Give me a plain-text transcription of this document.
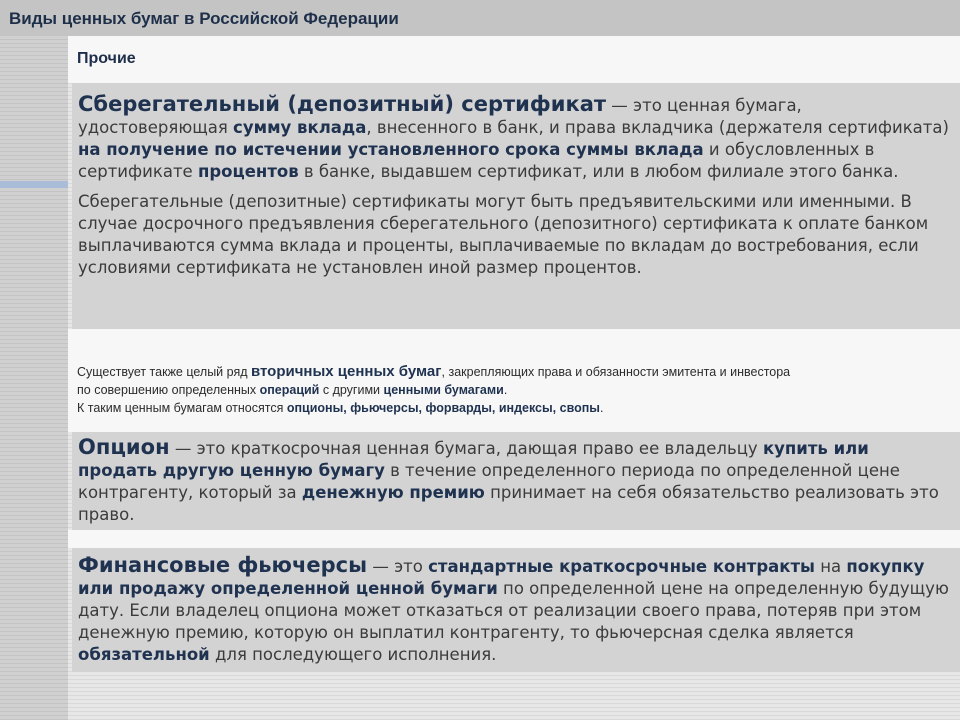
Виды ценных бумаг в Российской Федерации
Прочие

Сберегательный (депозитный) сертификат — это ценная бумага, удостоверяющая сумму вклада, внесенного в банк, и права вкладчика (держателя сертификата) на получение по истечении установленного срока суммы вклада и обусловленных в сертификате процентов в банке, выдавшем сертификат, или в любом филиале этого банка.

Сберегательные (депозитные) сертификаты могут быть предъявительскими или именными. В случае досрочного предъявления сберегательного (депозитного) сертификата к оплате банком выплачиваются сумма вклада и проценты, выплачиваемые по вкладам до востребования, если условиями сертификата не установлен иной размер процентов.

Существует также целый ряд вторичных ценных бумаг, закрепляющих права и обязанности эмитента и инвестора
по совершению определенных операций с другими ценными бумагами.
К таким ценным бумагам относятся опционы, фьючерсы, форварды, индексы, свопы.

Опцион — это краткосрочная ценная бумага, дающая право ее владельцу купить или продать другую ценную бумагу в течение определенного периода по определенной цене контрагенту, который за денежную премию принимает на себя обязательство реализовать это право.

Финансовые фьючерсы — это стандартные краткосрочные контракты на покупку или продажу определенной ценной бумаги по определенной цене на определенную будущую дату. Если владелец опциона может отказаться от реализации своего права, потеряв при этом денежную премию, которую он выплатил контрагенту, то фьючерсная сделка является обязательной для последующего исполнения.
